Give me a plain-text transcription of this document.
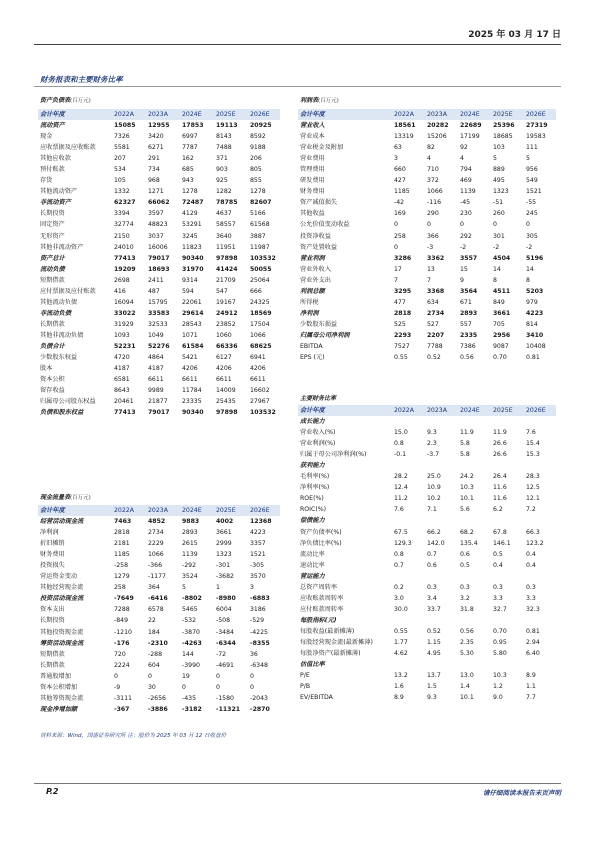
2025 年 03 月 17 日
财务报表和主要财务比率
资产负债表(百万元)
会计年度	2022A	2023A	2024E	2025E	2026E
流动资产	15085	12955	17853	19113	20925
现金	7326	3420	6997	8143	8592
应收票据及应收账款	5581	6271	7787	7488	9188
其他应收款	207	291	162	371	206
预付账款	534	734	685	903	805
存货	105	968	943	925	855
其他流动资产	1332	1271	1278	1282	1278
非流动资产	62327	66062	72487	78785	82607
长期投资	3394	3597	4129	4637	5166
固定资产	32774	48823	53291	58557	61568
无形资产	2150	3037	3245	3640	3887
其他非流动资产	24010	16006	11823	11951	11987
资产总计	77413	79017	90340	97898	103532
流动负债	19209	18693	31970	41424	50055
短期借款	2698	2411	9314	21709	25064
应付票据及应付账款	416	487	594	547	666
其他流动负债	16094	15795	22061	19167	24325
非流动负债	33022	33583	29614	24912	18569
长期借款	31929	32533	28543	23852	17504
其他非流动负债	1093	1049	1071	1060	1066
负债合计	52231	52276	61584	66336	68625
少数股东权益	4720	4864	5421	6127	6941
股本	4187	4187	4206	4206	4206
资本公积	6581	6611	6611	6611	6611
留存收益	8643	9989	11784	14009	16602
归属母公司股东权益	20461	21877	23335	25435	27967
负债和股东权益	77413	79017	90340	97898	103532
利润表(百万元)
会计年度	2022A	2023A	2024E	2025E	2026E
营业收入	18561	20282	22689	25396	27319
营业成本	13319	15206	17199	18685	19583
营业税金及附加	63	82	92	103	111
营业费用	3	4	4	5	5
管理费用	660	710	794	889	956
研发费用	427	372	469	495	549
财务费用	1185	1066	1139	1323	1521
资产减值损失	-42	-116	-45	-51	-55
其他收益	169	290	230	260	245
公允价值变动收益	0	0	0	0	0
投资净收益	258	366	292	301	305
资产处置收益	0	-3	-2	-2	-2
营业利润	3286	3362	3557	4504	5196
营业外收入	17	13	15	14	14
营业外支出	7	7	9	8	8
利润总额	3295	3368	3564	4511	5203
所得税	477	634	671	849	979
净利润	2818	2734	2893	3661	4223
少数股东损益	525	527	557	705	814
归属母公司净利润	2293	2207	2335	2956	3410
EBITDA	7527	7788	7386	9087	10408
EPS (元)	0.55	0.52	0.56	0.70	0.81
主要财务比率
会计年度	2022A	2023A	2024E	2025E	2026E
成长能力					
营业收入(%)	15.0	9.3	11.9	11.9	7.6
营业利润(%)	0.8	2.3	5.8	26.6	15.4
归属于母公司净利润(%)	-0.1	-3.7	5.8	26.6	15.3
获利能力					
毛利率(%)	28.2	25.0	24.2	26.4	28.3
净利率(%)	12.4	10.9	10.3	11.6	12.5
ROE(%)	11.2	10.2	10.1	11.6	12.1
ROIC(%)	7.6	7.1	5.6	6.2	7.2
偿债能力					
资产负债率(%)	67.5	66.2	68.2	67.8	66.3
净负债比率(%)	129.3	142.0	135.4	146.1	123.2
流动比率	0.8	0.7	0.6	0.5	0.4
速动比率	0.7	0.6	0.5	0.4	0.4
营运能力					
总资产周转率	0.2	0.3	0.3	0.3	0.3
应收账款周转率	3.0	3.4	3.2	3.3	3.3
应付账款周转率	30.0	33.7	31.8	32.7	32.3
每股指标(元)					
每股收益(最新摊薄)	0.55	0.52	0.56	0.70	0.81
每股经营现金流(最新摊薄)	1.77	1.15	2.35	0.95	2.94
每股净资产(最新摊薄)	4.62	4.95	5.30	5.80	6.40
估值比率					
P/E	13.2	13.7	13.0	10.3	8.9
P/B	1.6	1.5	1.4	1.2	1.1
EV/EBITDA	8.9	9.3	10.1	9.0	7.7
现金流量表(百万元)
会计年度	2022A	2023A	2024E	2025E	2026E
经营活动现金流	7463	4852	9883	4002	12368
净利润	2818	2734	2893	3661	4223
折旧摊销	2181	2229	2615	2999	3357
财务费用	1185	1066	1139	1323	1521
投资损失	-258	-366	-292	-301	-305
营运资金变动	1279	-1177	3524	-3682	3570
其他经营现金流	258	364	5	1	3
投资活动现金流	-7649	-6416	-8802	-8980	-6883
资本支出	7288	6578	5465	6004	3186
长期投资	-849	22	-532	-508	-529
其他投资现金流	-1210	184	-3870	-3484	-4225
筹资活动现金流	-176	-2310	-4263	-6344	-8355
短期借款	720	-288	144	-72	36
长期借款	2224	604	-3990	-4691	-6348
普通股增加	0	0	19	0	0
资本公积增加	-9	30	0	0	0
其他筹资现金流	-3111	-2656	-435	-1580	-2043
现金净增加额	-367	-3886	-3182	-11321	-2870
资料来源：Wind，国盛证券研究所 注：股价为 2025 年 03 月 12 日收盘价
P.2	请仔细阅读本报告末页声明
